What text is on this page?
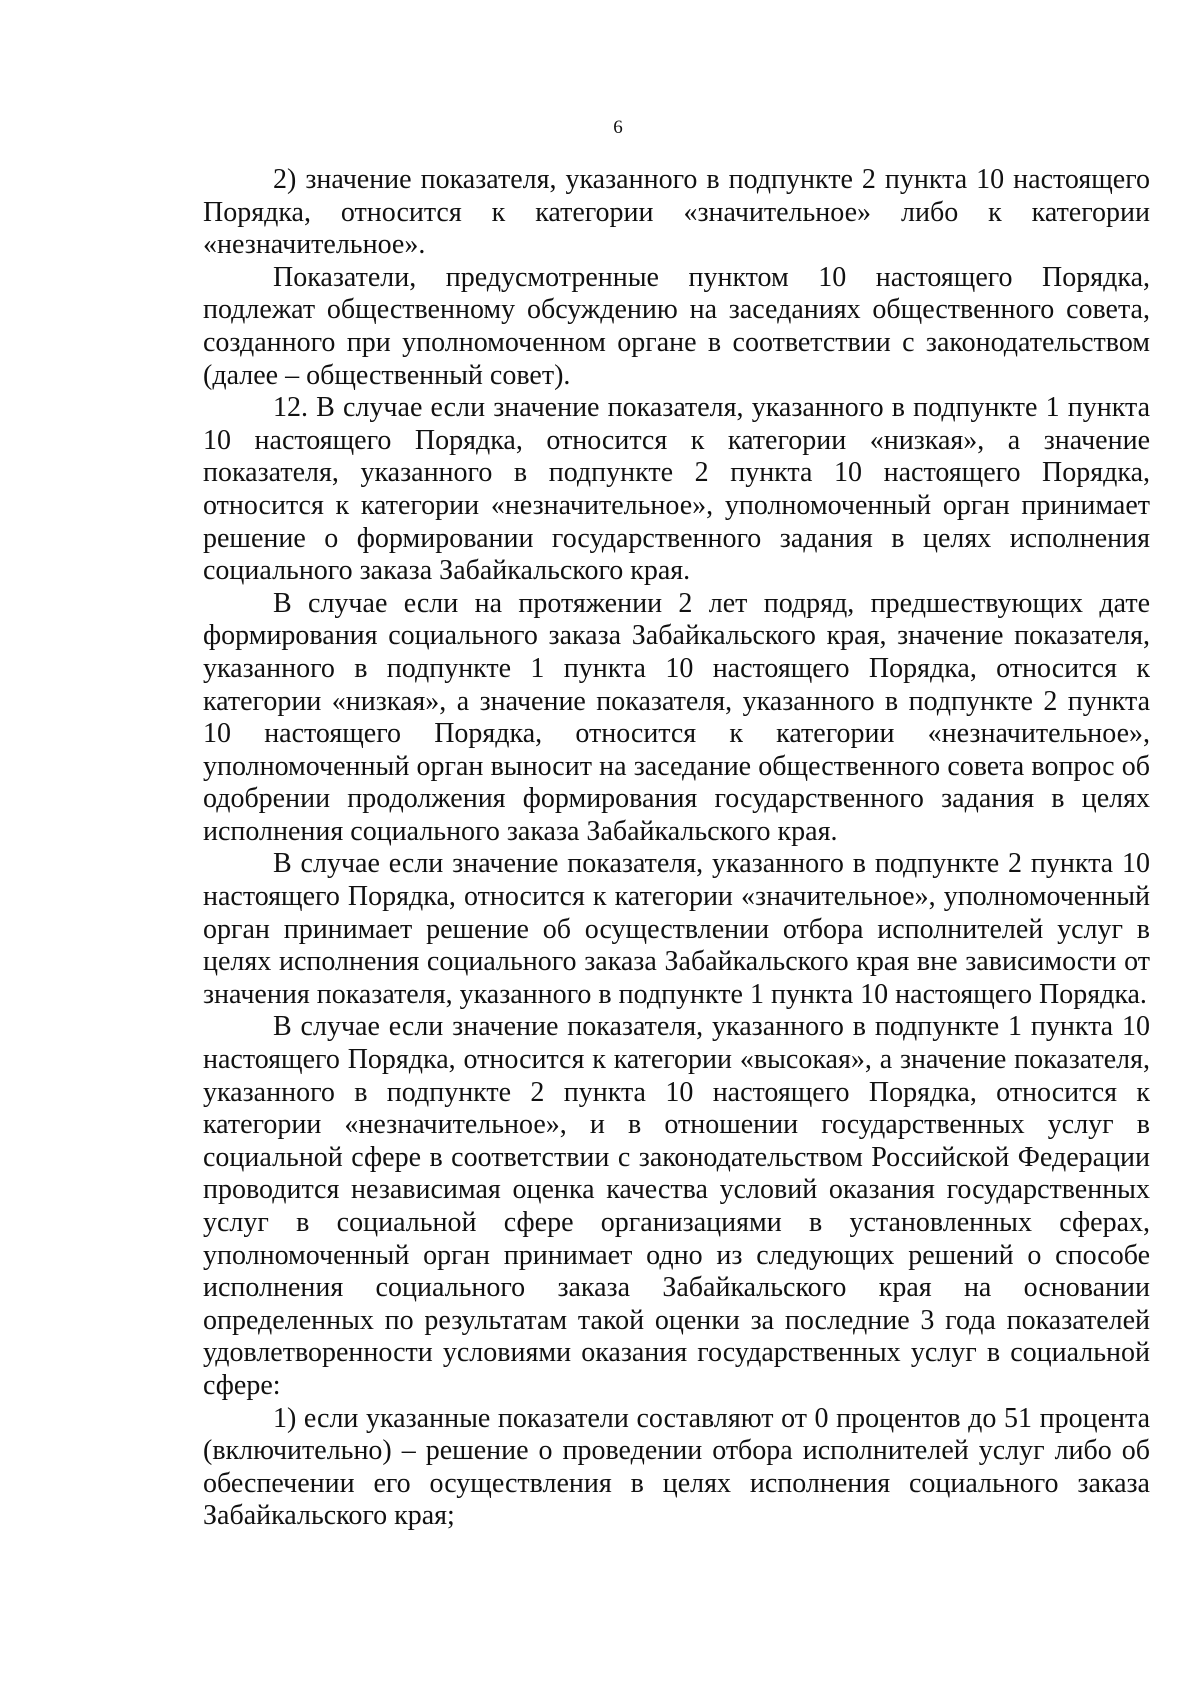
6

2) значение показателя, указанного в подпункте 2 пункта 10 настоящего Порядка, относится к категории «значительное» либо к категории «незначительное».

Показатели, предусмотренные пунктом 10 настоящего Порядка, подлежат общественному обсуждению на заседаниях общественного совета, созданного при уполномоченном органе в соответствии с законодательством (далее – общественный совет).

12. В случае если значение показателя, указанного в подпункте 1 пункта 10 настоящего Порядка, относится к категории «низкая», а значение показателя, указанного в подпункте 2 пункта 10 настоящего Порядка, относится к категории «незначительное», уполномоченный орган принимает решение о формировании государственного задания в целях исполнения социального заказа Забайкальского края.

В случае если на протяжении 2 лет подряд, предшествующих дате формирования социального заказа Забайкальского края, значение показателя, указанного в подпункте 1 пункта 10 настоящего Порядка, относится к категории «низкая», а значение показателя, указанного в подпункте 2 пункта 10 настоящего Порядка, относится к категории «незначительное», уполномоченный орган выносит на заседание общественного совета вопрос об одобрении продолжения формирования государственного задания в целях исполнения социального заказа Забайкальского края.

В случае если значение показателя, указанного в подпункте 2 пункта 10 настоящего Порядка, относится к категории «значительное», уполномоченный орган принимает решение об осуществлении отбора исполнителей услуг в целях исполнения социального заказа Забайкальского края вне зависимости от значения показателя, указанного в подпункте 1 пункта 10 настоящего Порядка.

В случае если значение показателя, указанного в подпункте 1 пункта 10 настоящего Порядка, относится к категории «высокая», а значение показателя, указанного в подпункте 2 пункта 10 настоящего Порядка, относится к категории «незначительное», и в отношении государственных услуг в социальной сфере в соответствии с законодательством Российской Федерации проводится независимая оценка качества условий оказания государственных услуг в социальной сфере организациями в установленных сферах, уполномоченный орган принимает одно из следующих решений о способе исполнения социального заказа Забайкальского края на основании определенных по результатам такой оценки за последние 3 года показателей удовлетворенности условиями оказания государственных услуг в социальной сфере:

1) если указанные показатели составляют от 0 процентов до 51 процента (включительно) – решение о проведении отбора исполнителей услуг либо об обеспечении его осуществления в целях исполнения социального заказа Забайкальского края;
